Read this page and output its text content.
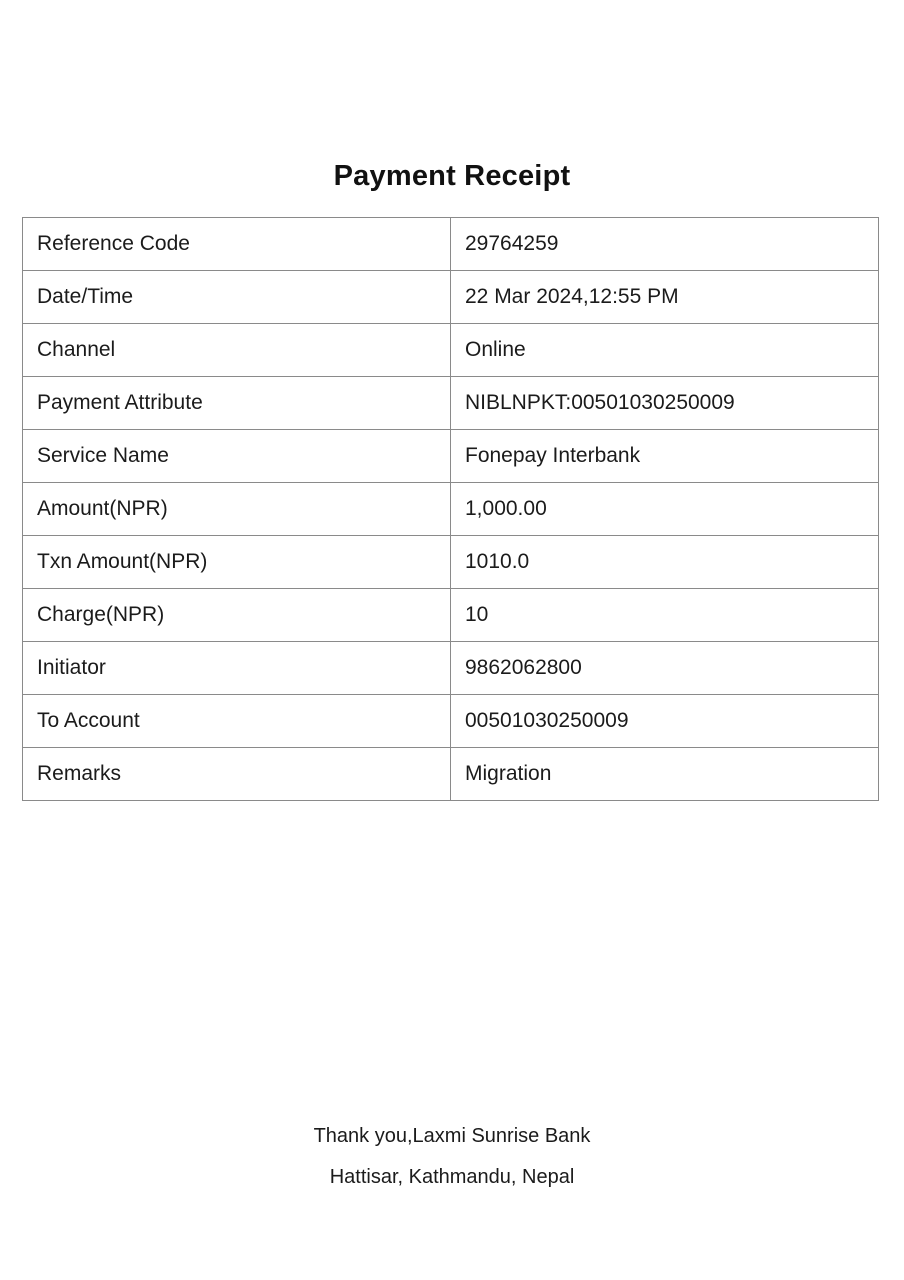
Payment Receipt
Reference Code	29764259
Date/Time	22 Mar 2024,12:55 PM
Channel	Online
Payment Attribute	NIBLNPKT:00501030250009
Service Name	Fonepay Interbank
Amount(NPR)	1,000.00
Txn Amount(NPR)	1010.0
Charge(NPR)	10
Initiator	9862062800
To Account	00501030250009
Remarks	Migration
Thank you,Laxmi Sunrise Bank
Hattisar, Kathmandu, Nepal
